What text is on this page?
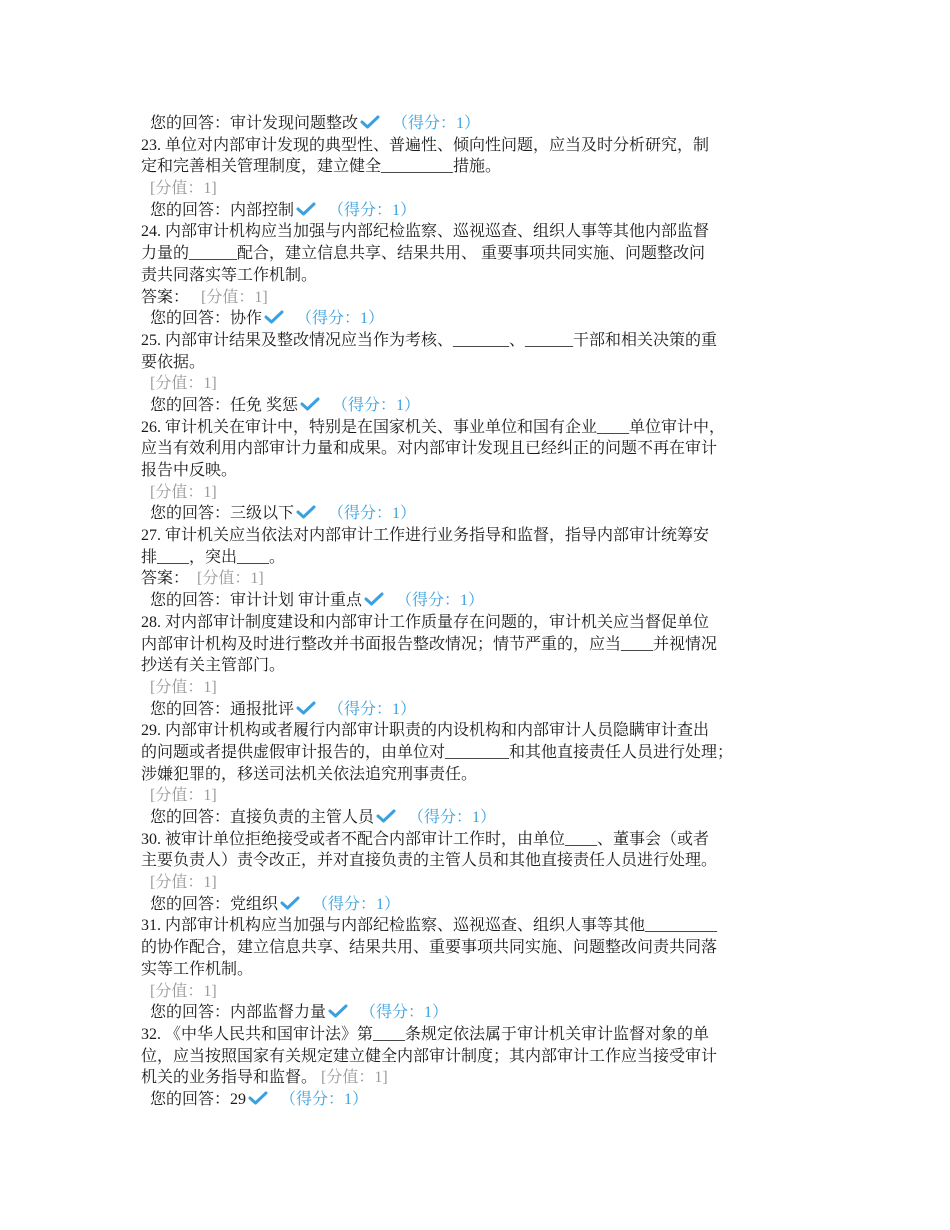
您的回答：审计发现问题整改 （得分：1）
23. 单位对内部审计发现的典型性、普遍性、倾向性问题，应当及时分析研究，制
定和完善相关管理制度，建立健全_________措施。
[分值：1]
您的回答：内部控制 （得分：1）
24. 内部审计机构应当加强与内部纪检监察、巡视巡查、组织人事等其他内部监督
力量的______配合，建立信息共享、结果共用、 重要事项共同实施、问题整改问
责共同落实等工作机制。
答案： [分值：1]
您的回答：协作 （得分：1）
25. 内部审计结果及整改情况应当作为考核、_______、______干部和相关决策的重
要依据。
[分值：1]
您的回答：任免 奖惩 （得分：1）
26. 审计机关在审计中，特别是在国家机关、事业单位和国有企业____单位审计中，
应当有效利用内部审计力量和成果。对内部审计发现且已经纠正的问题不再在审计
报告中反映。
[分值：1]
您的回答：三级以下 （得分：1）
27. 审计机关应当依法对内部审计工作进行业务指导和监督，指导内部审计统筹安
排____，突出____。
答案： [分值：1]
您的回答：审计计划 审计重点 （得分：1）
28. 对内部审计制度建设和内部审计工作质量存在问题的，审计机关应当督促单位
内部审计机构及时进行整改并书面报告整改情况；情节严重的，应当____并视情况
抄送有关主管部门。
[分值：1]
您的回答：通报批评 （得分：1）
29. 内部审计机构或者履行内部审计职责的内设机构和内部审计人员隐瞒审计查出
的问题或者提供虚假审计报告的，由单位对________和其他直接责任人员进行处理；
涉嫌犯罪的，移送司法机关依法追究刑事责任。
[分值：1]
您的回答：直接负责的主管人员 （得分：1）
30. 被审计单位拒绝接受或者不配合内部审计工作时，由单位____、董事会（或者
主要负责人）责令改正，并对直接负责的主管人员和其他直接责任人员进行处理。
[分值：1]
您的回答：党组织 （得分：1）
31. 内部审计机构应当加强与内部纪检监察、巡视巡查、组织人事等其他_________
的协作配合，建立信息共享、结果共用、重要事项共同实施、问题整改问责共同落
实等工作机制。
[分值：1]
您的回答：内部监督力量 （得分：1）
32. 《中华人民共和国审计法》第____条规定依法属于审计机关审计监督对象的单
位，应当按照国家有关规定建立健全内部审计制度；其内部审计工作应当接受审计
机关的业务指导和监督。 [分值：1]
您的回答：29 （得分：1）
